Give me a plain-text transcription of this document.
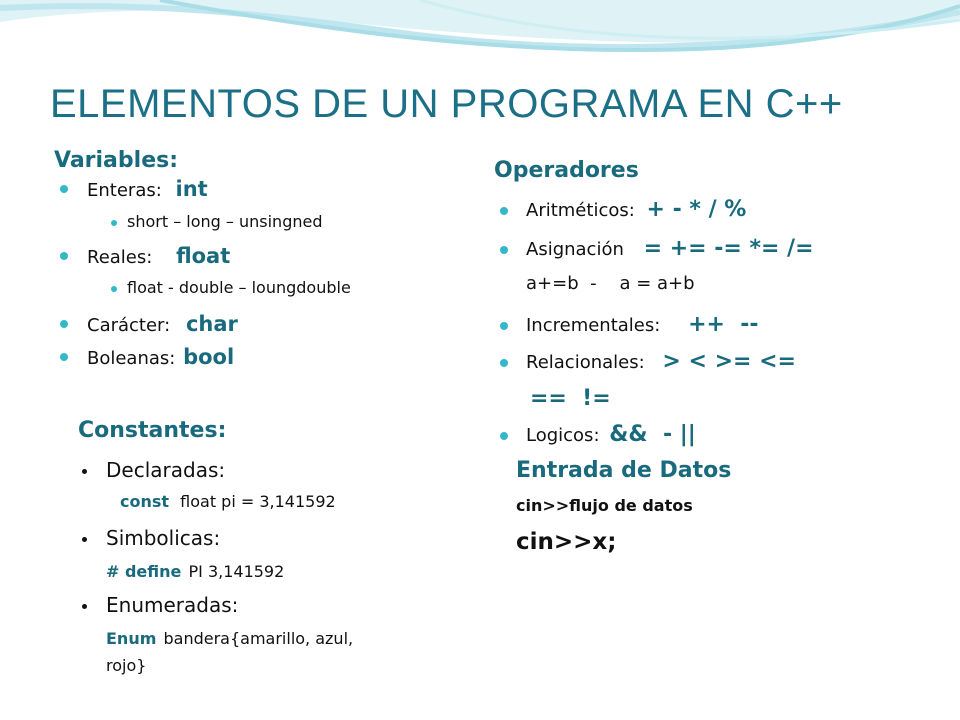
ELEMENTOS DE UN PROGRAMA EN C++
Variables:
Enteras: int
short – long – unsingned
Reales: float
float - double – loungdouble
Carácter: char
Boleanas: bool
Constantes:
Declaradas:
const float pi = 3,141592
Simbolicas:
# define PI 3,141592
Enumeradas:
Enum bandera{amarillo, azul,
rojo}
Operadores
Aritméticos: + - * / %
Asignación = += -= *= /=
a+=b  -    a = a+b
Incrementales: ++  --
Relacionales: > < >= <=
==  !=
Logicos: &&  - ||
Entrada de Datos
cin>>flujo de datos
cin>>x;
